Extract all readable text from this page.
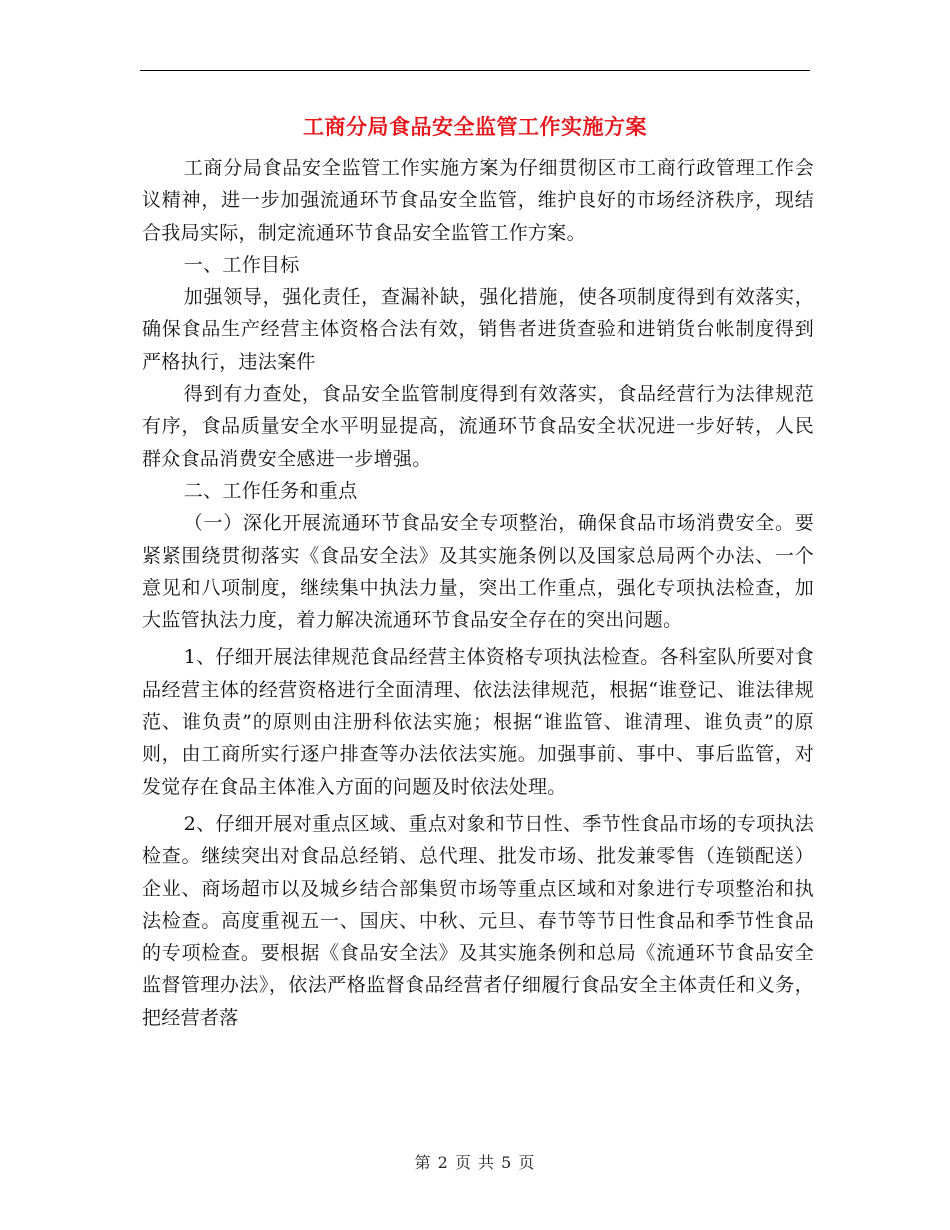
工商分局食品安全监管工作实施方案

工商分局食品安全监管工作实施方案为仔细贯彻区市工商行政管理工作会议精神，进一步加强流通环节食品安全监管，维护良好的市场经济秩序，现结合我局实际，制定流通环节食品安全监管工作方案。

一、工作目标

加强领导，强化责任，查漏补缺，强化措施，使各项制度得到有效落实，确保食品生产经营主体资格合法有效，销售者进货查验和进销货台帐制度得到严格执行，违法案件

得到有力查处，食品安全监管制度得到有效落实，食品经营行为法律规范有序，食品质量安全水平明显提高，流通环节食品安全状况进一步好转，人民群众食品消费安全感进一步增强。

二、工作任务和重点

（一）深化开展流通环节食品安全专项整治，确保食品市场消费安全。要紧紧围绕贯彻落实《食品安全法》及其实施条例以及国家总局两个办法、一个意见和八项制度，继续集中执法力量，突出工作重点，强化专项执法检查，加大监管执法力度，着力解决流通环节食品安全存在的突出问题。

1、仔细开展法律规范食品经营主体资格专项执法检查。各科室队所要对食品经营主体的经营资格进行全面清理、依法法律规范，根据“谁登记、谁法律规范、谁负责”的原则由注册科依法实施；根据“谁监管、谁清理、谁负责”的原则，由工商所实行逐户排查等办法依法实施。加强事前、事中、事后监管，对发觉存在食品主体准入方面的问题及时依法处理。

2、仔细开展对重点区域、重点对象和节日性、季节性食品市场的专项执法检查。继续突出对食品总经销、总代理、批发市场、批发兼零售（连锁配送）企业、商场超市以及城乡结合部集贸市场等重点区域和对象进行专项整治和执法检查。高度重视五一、国庆、中秋、元旦、春节等节日性食品和季节性食品的专项检查。要根据《食品安全法》及其实施条例和总局《流通环节食品安全监督管理办法》，依法严格监督食品经营者仔细履行食品安全主体责任和义务，把经营者落

第 2 页 共 5 页
